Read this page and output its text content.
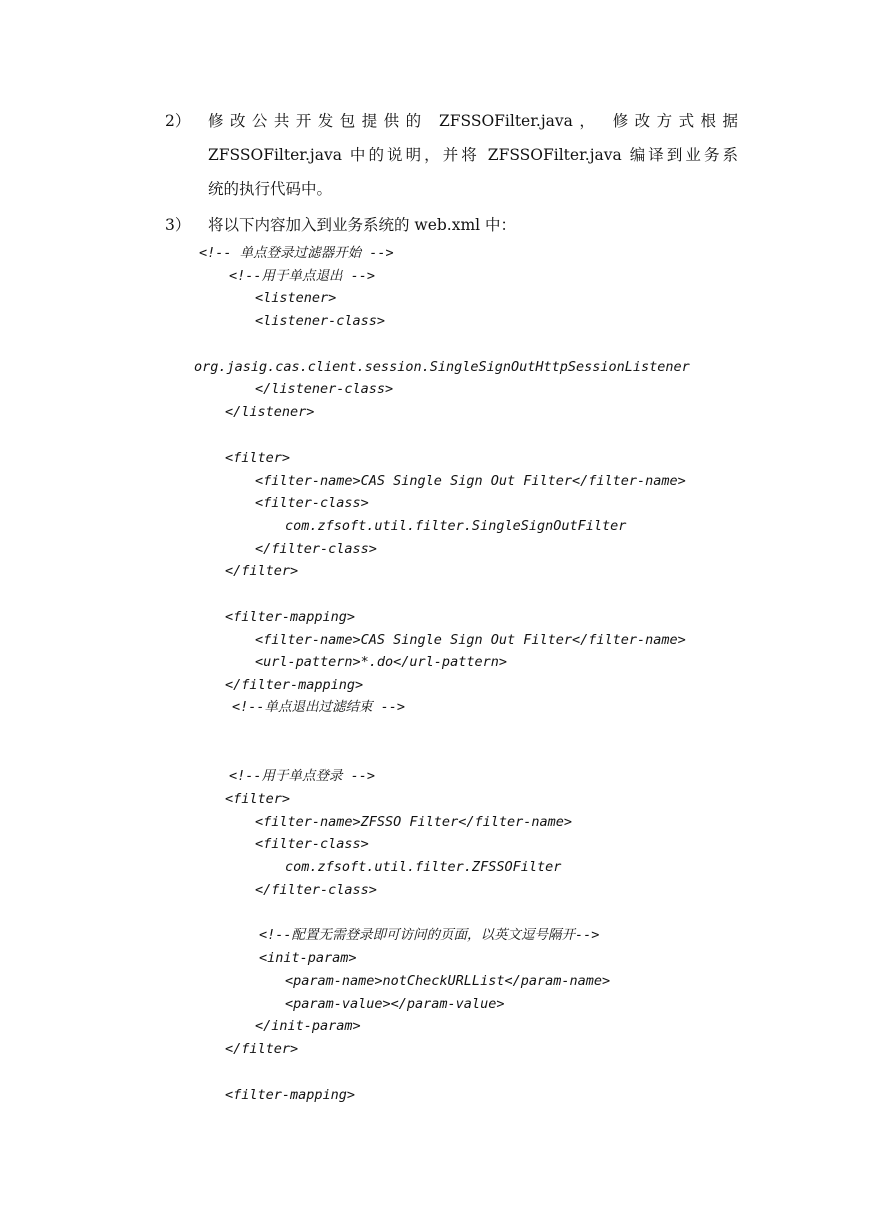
2）	修改公共开发包提供的 ZFSSOFilter.java， 修改方式根据
ZFSSOFilter.java 中的说明，并将 ZFSSOFilter.java 编译到业务系
统的执行代码中。
3）	将以下内容加入到业务系统的 web.xml 中：

<!-- 单点登录过滤器开始 -->

<!--用于单点退出 -->

<listener>

<listener-class>

org.jasig.cas.client.session.SingleSignOutHttpSessionListener

</listener-class>

</listener>

<filter>

<filter-name>CAS Single Sign Out Filter</filter-name>

<filter-class>

com.zfsoft.util.filter.SingleSignOutFilter

</filter-class>

</filter>

<filter-mapping>

<filter-name>CAS Single Sign Out Filter</filter-name>

<url-pattern>*.do</url-pattern>

</filter-mapping>

<!--单点退出过滤结束 -->

<!--用于单点登录 -->

<filter>

<filter-name>ZFSSO Filter</filter-name>

<filter-class>

com.zfsoft.util.filter.ZFSSOFilter

</filter-class>

<!--配置无需登录即可访问的页面，以英文逗号隔开-->

<init-param>

<param-name>notCheckURLList</param-name>

<param-value></param-value>

</init-param>

</filter>

<filter-mapping>
